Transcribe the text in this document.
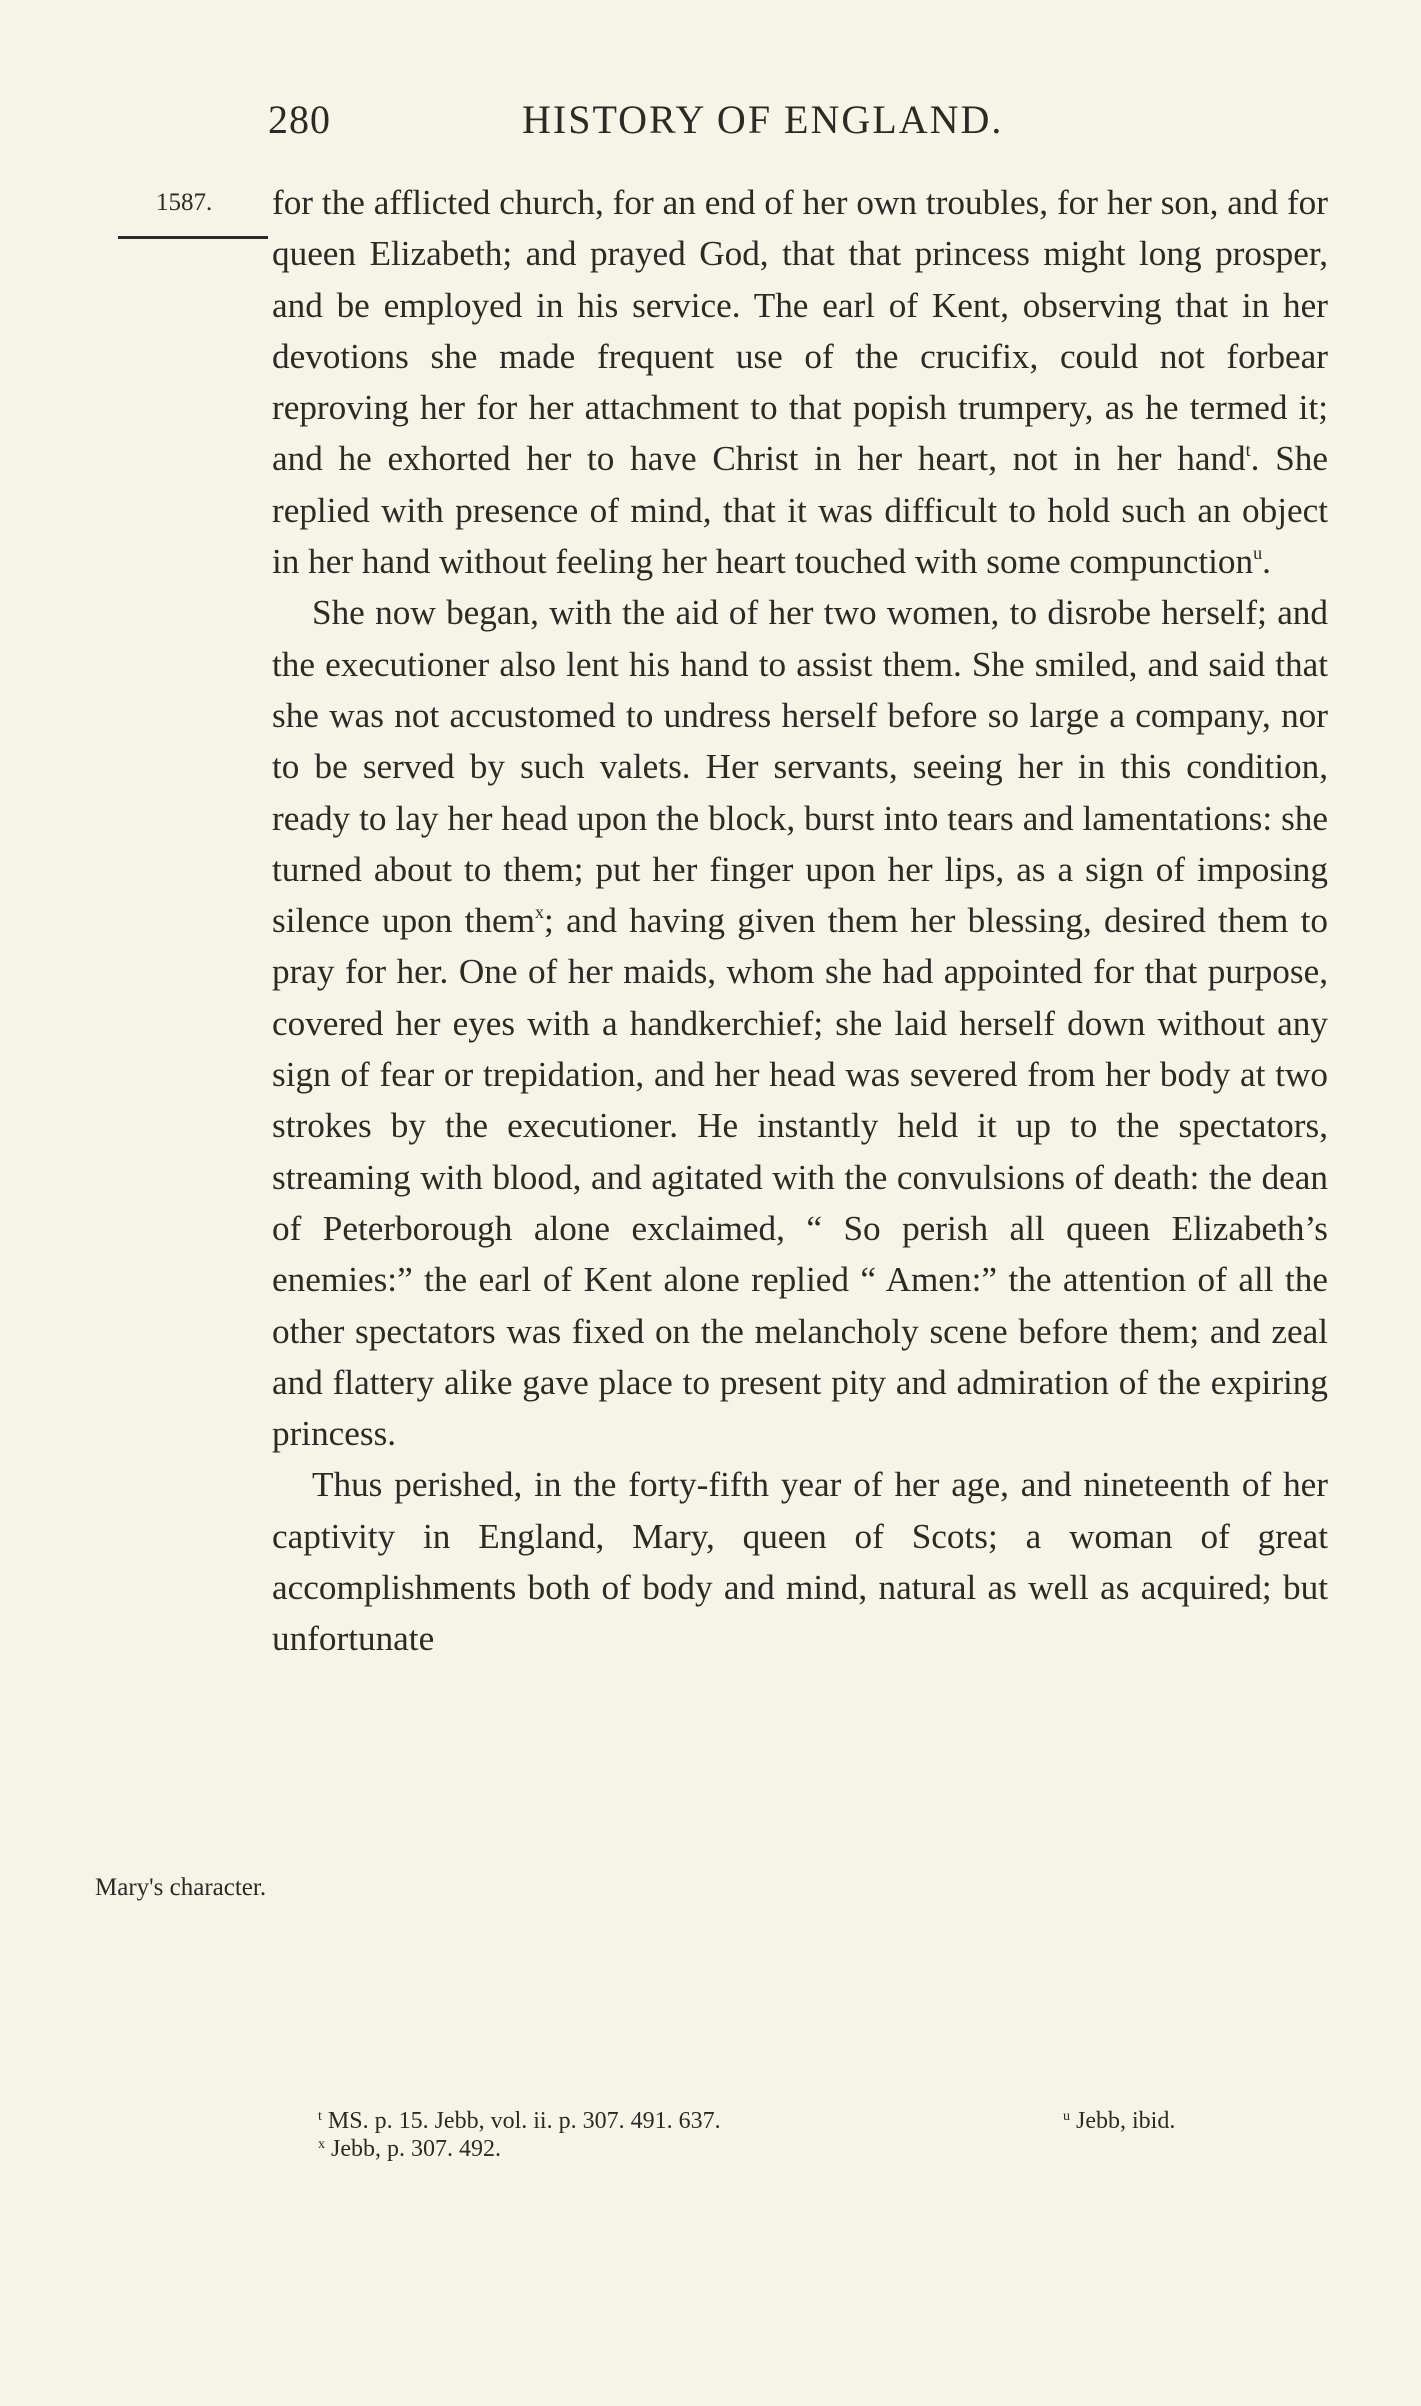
280	HISTORY OF ENGLAND.
1587. for the afflicted church, for an end of her own troubles, for her son, and for queen Elizabeth; and prayed God, that that princess might long prosper, and be employed in his service. The earl of Kent, observing that in her devotions she made frequent use of the crucifix, could not forbear reproving her for her attachment to that popish trumpery, as he termed it; and he exhorted her to have Christ in her heart, not in her hand$^t$. She replied with presence of mind, that it was difficult to hold such an object in her hand without feeling her heart touched with some compunction$^u$.

She now began, with the aid of her two women, to disrobe herself; and the executioner also lent his hand to assist them. She smiled, and said that she was not accustomed to undress herself before so large a company, nor to be served by such valets. Her servants, seeing her in this condition, ready to lay her head upon the block, burst into tears and lamentations: she turned about to them; put her finger upon her lips, as a sign of imposing silence upon them$^x$; and having given them her blessing, desired them to pray for her. One of her maids, whom she had appointed for that purpose, covered her eyes with a handkerchief; she laid herself down without any sign of fear or trepidation, and her head was severed from her body at two strokes by the executioner. He instantly held it up to the spectators, streaming with blood, and agitated with the convulsions of death: the dean of Peterborough alone exclaimed, “ So perish all queen Elizabeth’s enemies:” the earl of Kent alone replied “ Amen:” the attention of all the other spectators was fixed on the melancholy scene before them; and zeal and flattery alike gave place to present pity and admiration of the expiring princess.

Thus perished, in the forty-fifth year of her age, and nineteenth of her captivity in England, Mary, queen of Scots; a woman of great accomplishments both of body and mind, natural as well as acquired; but unfortunate

Mary's character.
$^t$ MS. p. 15. Jebb, vol. ii. p. 307. 491. 637.	$^u$ Jebb, ibid.
$^x$ Jebb, p. 307. 492.
